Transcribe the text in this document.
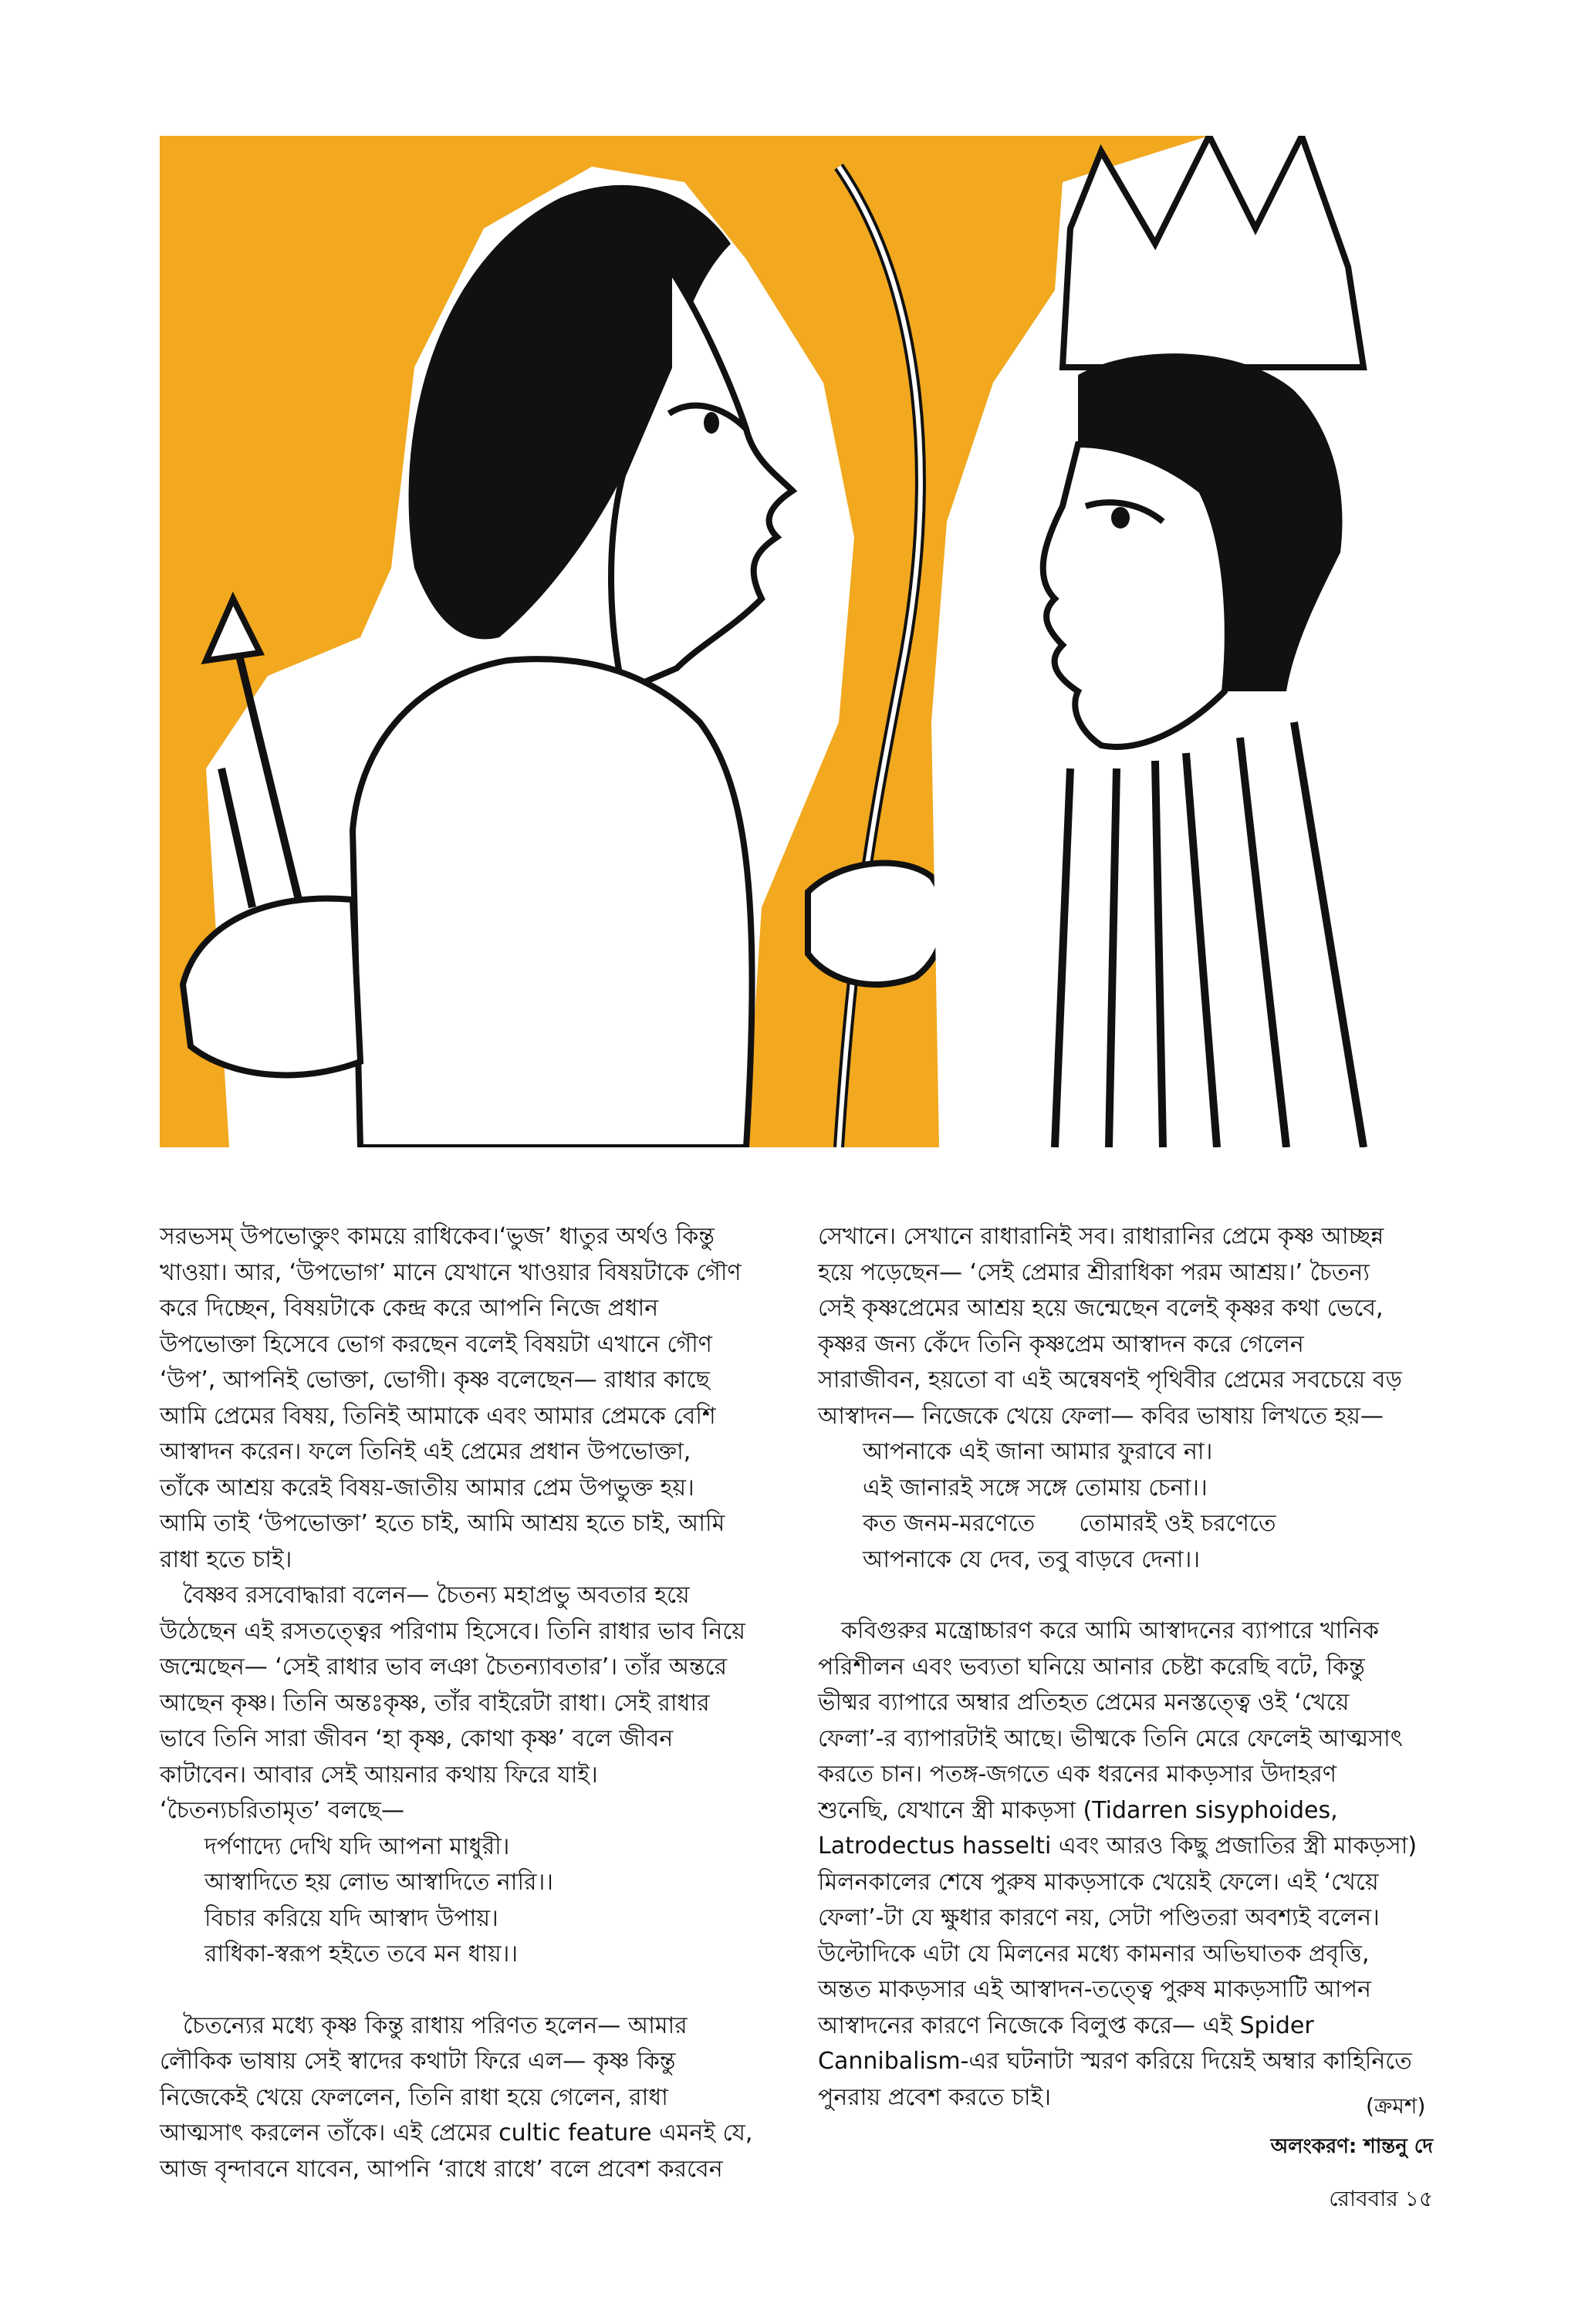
সরভসম্‌ উপভোক্তুং কাময়ে রাধিকেব।‘ভুজ’ ধাতুর অর্থও কিন্তু
খাওয়া। আর, ‘উপভোগ’ মানে যেখানে খাওয়ার বিষয়টাকে গৌণ
করে দিচ্ছেন, বিষয়টাকে কেন্দ্র করে আপনি নিজে প্রধান
উপভোক্তা হিসেবে ভোগ করছেন বলেই বিষয়টা এখানে গৌণ
‘উপ’, আপনিই ভোক্তা, ভোগী। কৃষ্ণ বলেছেন— রাধার কাছে
আমি প্রেমের বিষয়, তিনিই আমাকে এবং আমার প্রেমকে বেশি
আস্বাদন করেন। ফলে তিনিই এই প্রেমের প্রধান উপভোক্তা,
তাঁকে আশ্রয় করেই বিষয়-জাতীয় আমার প্রেম উপভুক্ত হয়।
আমি তাই ‘উপভোক্তা’ হতে চাই, আমি আশ্রয় হতে চাই, আমি
রাধা হতে চাই।

বৈষ্ণব রসবোদ্ধারা বলেন— চৈতন্য মহাপ্রভু অবতার হয়ে
উঠেছেন এই রসতত্ত্বের পরিণাম হিসেবে। তিনি রাধার ভাব নিয়ে
জন্মেছেন— ‘সেই রাধার ভাব লঞা চৈতন্যাবতার’। তাঁর অন্তরে
আছেন কৃষ্ণ। তিনি অন্তঃকৃষ্ণ, তাঁর বাইরেটা রাধা। সেই রাধার
ভাবে তিনি সারা জীবন ‘হা কৃষ্ণ, কোথা কৃষ্ণ’ বলে জীবন
কাটাবেন। আবার সেই আয়নার কথায় ফিরে যাই।
‘চৈতন্যচরিতামৃত’ বলছে—

দর্পণাদ্যে দেখি যদি আপনা মাধুরী।
আস্বাদিতে হয় লোভ আস্বাদিতে নারি।।
বিচার করিয়ে যদি আস্বাদ উপায়।
রাধিকা-স্বরূপ হইতে তবে মন ধায়।।

চৈতন্যের মধ্যে কৃষ্ণ কিন্তু রাধায় পরিণত হলেন— আমার
লৌকিক ভাষায় সেই স্বাদের কথাটা ফিরে এল— কৃষ্ণ কিন্তু
নিজেকেই খেয়ে ফেললেন, তিনি রাধা হয়ে গেলেন, রাধা
আত্মসাৎ করলেন তাঁকে। এই প্রেমের cultic feature এমনই যে,
আজ বৃন্দাবনে যাবেন, আপনি ‘রাধে রাধে’ বলে প্রবেশ করবেন

সেখানে। সেখানে রাধারানিই সব। রাধারানির প্রেমে কৃষ্ণ আচ্ছন্ন
হয়ে পড়েছেন— ‘সেই প্রেমার শ্রীরাধিকা পরম আশ্রয়।’ চৈতন্য
সেই কৃষ্ণপ্রেমের আশ্রয় হয়ে জন্মেছেন বলেই কৃষ্ণর কথা ভেবে,
কৃষ্ণর জন্য কেঁদে তিনি কৃষ্ণপ্রেম আস্বাদন করে গেলেন
সারাজীবন, হয়তো বা এই অন্বেষণই পৃথিবীর প্রেমের সবচেয়ে বড়
আস্বাদন— নিজেকে খেয়ে ফেলা— কবির ভাষায় লিখতে হয়—

আপনাকে এই জানা আমার ফুরাবে না।
এই জানারই সঙ্গে সঙ্গে তোমায় চেনা।।
কত জনম-মরণেতে      তোমারই ওই চরণেতে
আপনাকে যে দেব, তবু বাড়বে দেনা।।

কবিগুরুর মন্ত্রোচ্চারণ করে আমি আস্বাদনের ব্যাপারে খানিক
পরিশীলন এবং ভব্যতা ঘনিয়ে আনার চেষ্টা করেছি বটে, কিন্তু
ভীষ্মর ব্যাপারে অম্বার প্রতিহত প্রেমের মনস্তত্ত্বে ওই ‘খেয়ে
ফেলা’-র ব্যাপারটাই আছে। ভীষ্মকে তিনি মেরে ফেলেই আত্মসাৎ
করতে চান। পতঙ্গ-জগতে এক ধরনের মাকড়সার উদাহরণ
শুনেছি, যেখানে স্ত্রী মাকড়সা (Tidarren sisyphoides,
Latrodectus hasselti এবং আরও কিছু প্রজাতির স্ত্রী মাকড়সা)
মিলনকালের শেষে পুরুষ মাকড়সাকে খেয়েই ফেলে। এই ‘খেয়ে
ফেলা’-টা যে ক্ষুধার কারণে নয়, সেটা পণ্ডিতরা অবশ্যই বলেন।
উল্টোদিকে এটা যে মিলনের মধ্যে কামনার অভিঘাতক প্রবৃত্তি,
অন্তত মাকড়সার এই আস্বাদন-তত্ত্বে পুরুষ মাকড়সাটি আপন
আস্বাদনের কারণে নিজেকে বিলুপ্ত করে— এই Spider
Cannibalism-এর ঘটনাটা স্মরণ করিয়ে দিয়েই অম্বার কাহিনিতে
পুনরায় প্রবেশ করতে চাই।	(ক্রমশ)
অলংকরণ: শান্তনু দে
রোববার ১৫
